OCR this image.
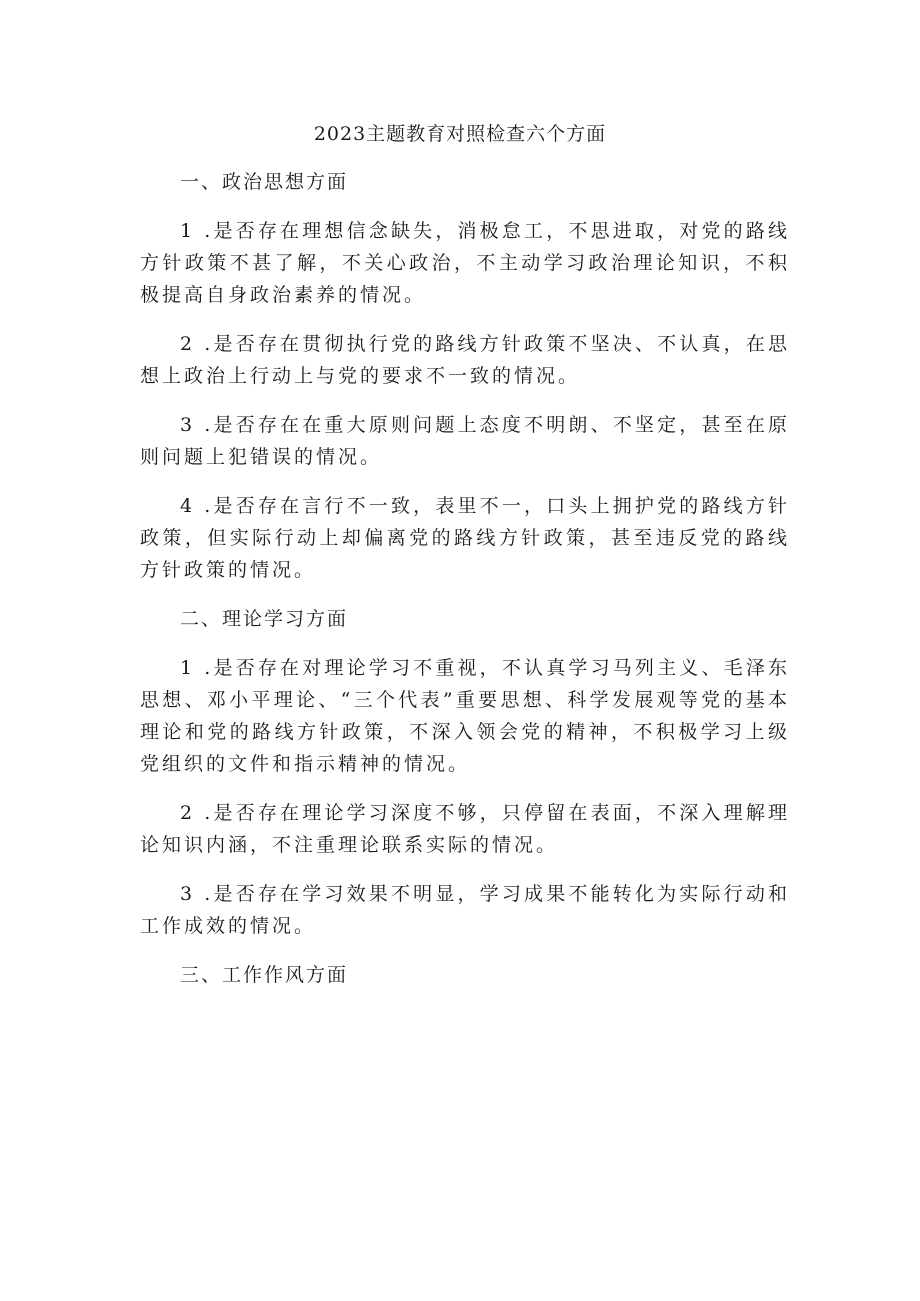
2023主题教育对照检查六个方面

一、政治思想方面

1 .是否存在理想信念缺失，消极怠工，不思进取，对党的路线方针政策不甚了解，不关心政治，不主动学习政治理论知识，不积极提高自身政治素养的情况。

2 .是否存在贯彻执行党的路线方针政策不坚决、不认真，在思想上政治上行动上与党的要求不一致的情况。

3 .是否存在在重大原则问题上态度不明朗、不坚定，甚至在原则问题上犯错误的情况。

4 .是否存在言行不一致，表里不一，口头上拥护党的路线方针政策，但实际行动上却偏离党的路线方针政策，甚至违反党的路线方针政策的情况。

二、理论学习方面

1 .是否存在对理论学习不重视，不认真学习马列主义、毛泽东思想、邓小平理论、“三个代表”重要思想、科学发展观等党的基本理论和党的路线方针政策，不深入领会党的精神，不积极学习上级党组织的文件和指示精神的情况。

2 .是否存在理论学习深度不够，只停留在表面，不深入理解理论知识内涵，不注重理论联系实际的情况。

3 .是否存在学习效果不明显，学习成果不能转化为实际行动和工作成效的情况。

三、工作作风方面
